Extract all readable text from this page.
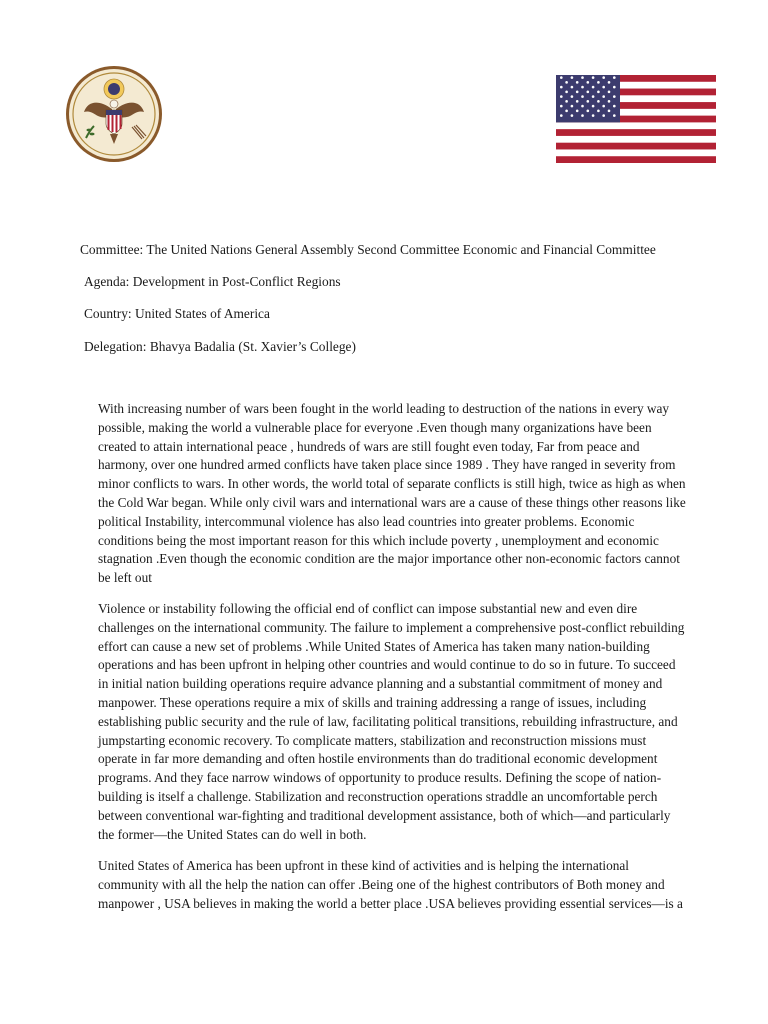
Committee: The United Nations General Assembly Second Committee Economic and Financial Committee

Agenda: Development in Post-Conflict Regions

Country: United States of America

Delegation: Bhavya Badalia (St. Xavier’s College)

With increasing number of wars been fought in the world leading to destruction of the nations in every way
possible, making the world a vulnerable place for everyone .Even though many organizations have been
created to attain international peace , hundreds of wars are still fought even today, Far from peace and
harmony, over one hundred armed conflicts have taken place since 1989 . They have ranged in severity from
minor conflicts to wars. In other words, the world total of separate conflicts is still high, twice as high as when
the Cold War began. While only civil wars and international wars are a cause of these things other reasons like
political Instability, intercommunal violence has also lead countries into greater problems. Economic
conditions being the most important reason for this which include poverty , unemployment and economic
stagnation .Even though the economic condition are the major importance other non-economic factors cannot
be left out

Violence or instability following the official end of conflict can impose substantial new and even dire
challenges on the international community. The failure to implement a comprehensive post-conflict rebuilding
effort can cause a new set of problems .While United States of America has taken many nation-building
operations and has been upfront in helping other countries and would continue to do so in future. To succeed
in initial nation building operations require advance planning and a substantial commitment of money and
manpower. These operations require a mix of skills and training addressing a range of issues, including
establishing public security and the rule of law, facilitating political transitions, rebuilding infrastructure, and
jumpstarting economic recovery. To complicate matters, stabilization and reconstruction missions must
operate in far more demanding and often hostile environments than do traditional economic development
programs. And they face narrow windows of opportunity to produce results. Defining the scope of nation-
building is itself a challenge. Stabilization and reconstruction operations straddle an uncomfortable perch
between conventional war-fighting and traditional development assistance, both of which—and particularly
the former—the United States can do well in both.

United States of America has been upfront in these kind of activities and is helping the international
community with all the help the nation can offer .Being one of the highest contributors of Both money and
manpower , USA believes in making the world a better place .USA believes providing essential services—is a
